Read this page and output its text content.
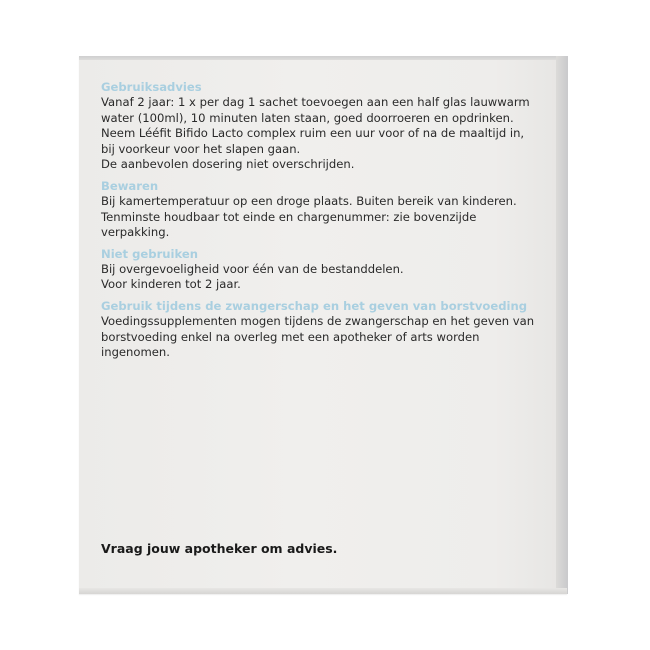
Gebruiksadvies

Vanaf 2 jaar: 1 x per dag 1 sachet toevoegen aan een half glas lauwwarm water (100ml), 10 minuten laten staan, goed doorroeren en opdrinken.

Neem Lééfit Bifido Lacto complex ruim een uur voor of na de maaltijd in, bij voorkeur voor het slapen gaan.

De aanbevolen dosering niet overschrijden.

Bewaren

Bij kamertemperatuur op een droge plaats. Buiten bereik van kinderen. Tenminste houdbaar tot einde en chargenummer: zie bovenzijde verpakking.

Niet gebruiken

Bij overgevoeligheid voor één van de bestanddelen.

Voor kinderen tot 2 jaar.

Gebruik tijdens de zwangerschap en het geven van borstvoeding

Voedingssupplementen mogen tijdens de zwangerschap en het geven van borstvoeding enkel na overleg met een apotheker of arts worden ingenomen.

Vraag jouw apotheker om advies.
